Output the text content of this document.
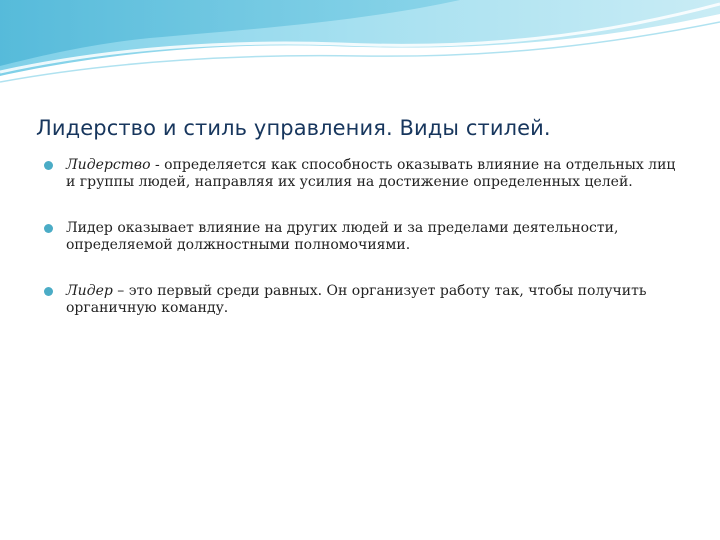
Лидерство и стиль управления. Виды стилей.
Лидерство - определяется как способность оказывать влияние на отдельных лиц и группы людей, направляя их усилия на достижение определенных целей.
Лидер оказывает влияние на других людей и за пределами деятельности, определяемой должностными полномочиями.
Лидер – это первый среди равных. Он организует работу так, чтобы получить органичную команду.
